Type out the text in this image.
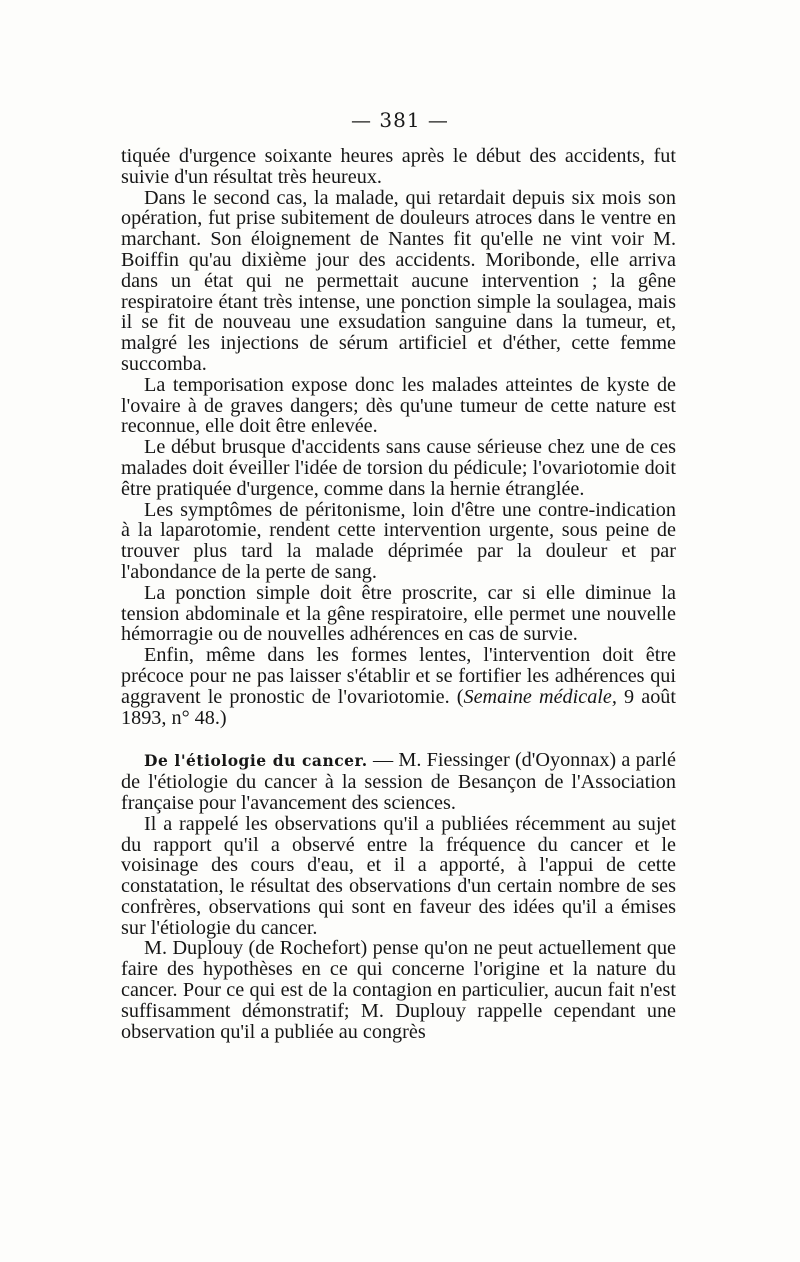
— 381 —

tiquée d'urgence soixante heures après le début des accidents, fut suivie d'un résultat très heureux.

Dans le second cas, la malade, qui retardait depuis six mois son opération, fut prise subitement de douleurs atroces dans le ventre en marchant. Son éloignement de Nantes fit qu'elle ne vint voir M. Boiffin qu'au dixième jour des accidents. Moribonde, elle arriva dans un état qui ne permettait aucune intervention ; la gêne respiratoire étant très intense, une ponction simple la soulagea, mais il se fit de nouveau une exsudation sanguine dans la tumeur, et, malgré les injections de sérum artificiel et d'éther, cette femme succomba.

La temporisation expose donc les malades atteintes de kyste de l'ovaire à de graves dangers; dès qu'une tumeur de cette nature est reconnue, elle doit être enlevée.

Le début brusque d'accidents sans cause sérieuse chez une de ces malades doit éveiller l'idée de torsion du pédicule; l'ovariotomie doit être pratiquée d'urgence, comme dans la hernie étranglée.

Les symptômes de péritonisme, loin d'être une contre-indication à la laparotomie, rendent cette intervention urgente, sous peine de trouver plus tard la malade déprimée par la douleur et par l'abondance de la perte de sang.

La ponction simple doit être proscrite, car si elle diminue la tension abdominale et la gêne respiratoire, elle permet une nouvelle hémorragie ou de nouvelles adhérences en cas de survie.

Enfin, même dans les formes lentes, l'intervention doit être précoce pour ne pas laisser s'établir et se fortifier les adhérences qui aggravent le pronostic de l'ovariotomie. (Semaine médicale, 9 août 1893, n° 48.)

De l'étiologie du cancer. — M. Fiessinger (d'Oyonnax) a parlé de l'étiologie du cancer à la session de Besançon de l'Association française pour l'avancement des sciences.

Il a rappelé les observations qu'il a publiées récemment au sujet du rapport qu'il a observé entre la fréquence du cancer et le voisinage des cours d'eau, et il a apporté, à l'appui de cette constatation, le résultat des observations d'un certain nombre de ses confrères, observations qui sont en faveur des idées qu'il a émises sur l'étiologie du cancer.

M. Duplouy (de Rochefort) pense qu'on ne peut actuellement que faire des hypothèses en ce qui concerne l'origine et la nature du cancer. Pour ce qui est de la contagion en particulier, aucun fait n'est suffisamment démonstratif; M. Duplouy rappelle cependant une observation qu'il a publiée au congrès
